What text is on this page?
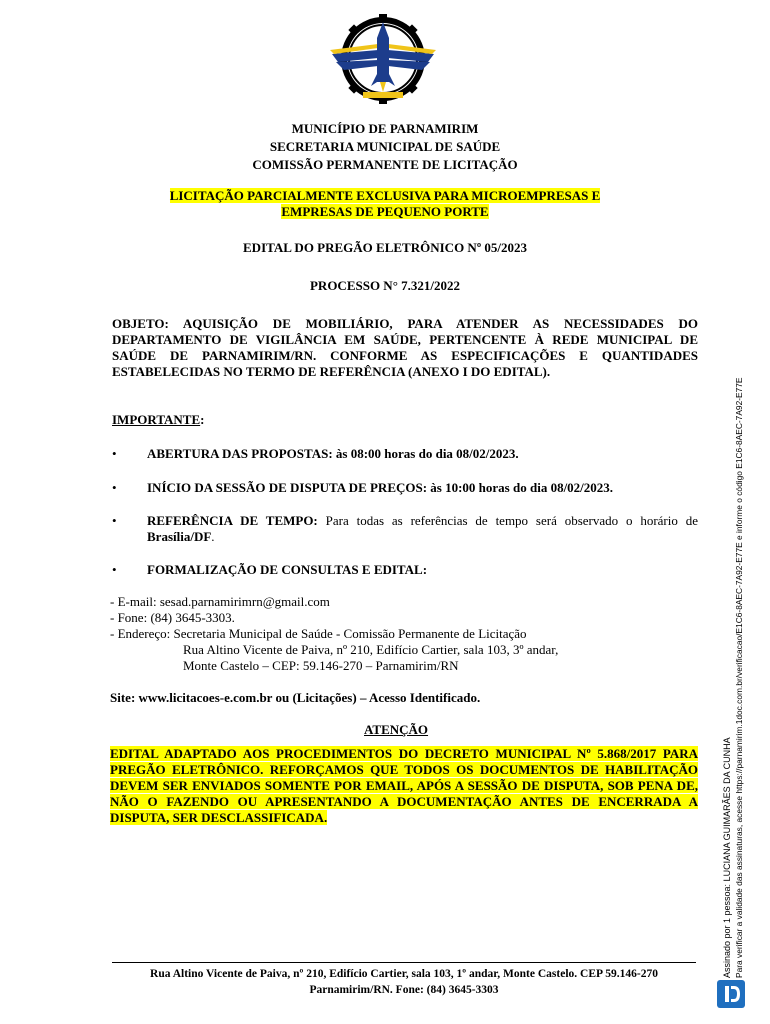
MUNICÍPIO DE PARNAMIRIM
SECRETARIA MUNICIPAL DE SAÚDE
COMISSÃO PERMANENTE DE LICITAÇÃO
LICITAÇÃO PARCIALMENTE EXCLUSIVA PARA MICROEMPRESAS E
EMPRESAS DE PEQUENO PORTE
EDITAL DO PREGÃO ELETRÔNICO Nº 05/2023
PROCESSO N° 7.321/2022
OBJETO: AQUISIÇÃO DE MOBILIÁRIO, PARA ATENDER AS NECESSIDADES DO DEPARTAMENTO DE VIGILÂNCIA EM SAÚDE, PERTENCENTE À REDE MUNICIPAL DE SAÚDE DE PARNAMIRIM/RN. CONFORME AS ESPECIFICAÇÕES E QUANTIDADES ESTABELECIDAS NO TERMO DE REFERÊNCIA (ANEXO I DO EDITAL).
IMPORTANTE:
• ABERTURA DAS PROPOSTAS: às 08:00 horas do dia 08/02/2023.
• INÍCIO DA SESSÃO DE DISPUTA DE PREÇOS: às 10:00 horas do dia 08/02/2023.
• REFERÊNCIA DE TEMPO: Para todas as referências de tempo será observado o horário de Brasília/DF.
• FORMALIZAÇÃO DE CONSULTAS E EDITAL:
- E-mail: sesad.parnamirimrn@gmail.com
- Fone: (84) 3645-3303.
- Endereço: Secretaria Municipal de Saúde - Comissão Permanente de Licitação
Rua Altino Vicente de Paiva, nº 210, Edifício Cartier, sala 103, 3º andar,
Monte Castelo – CEP: 59.146-270 – Parnamirim/RN
Site: www.licitacoes-e.com.br ou (Licitações) – Acesso Identificado.
ATENÇÃO
EDITAL ADAPTADO AOS PROCEDIMENTOS DO DECRETO MUNICIPAL Nº 5.868/2017 PARA PREGÃO ELETRÔNICO. REFORÇAMOS QUE TODOS OS DOCUMENTOS DE HABILITAÇÃO DEVEM SER ENVIADOS SOMENTE POR EMAIL, APÓS A SESSÃO DE DISPUTA, SOB PENA DE, NÃO O FAZENDO OU APRESENTANDO A DOCUMENTAÇÃO ANTES DE ENCERRADA A DISPUTA, SER DESCLASSIFICADA.
Rua Altino Vicente de Paiva, nº 210, Edifício Cartier, sala 103, 1º andar, Monte Castelo. CEP 59.146-270
Parnamirim/RN. Fone: (84) 3645-3303
Assinado por 1 pessoa: LUCIANA GUIMARÃES DA CUNHA Para verificar a validade das assinaturas, acesse https://parnamirim.1doc.com.br/verificacao/E1C6-8AEC-7A92-E77E e informe o código E1C6-8AEC-7A92-E77E
